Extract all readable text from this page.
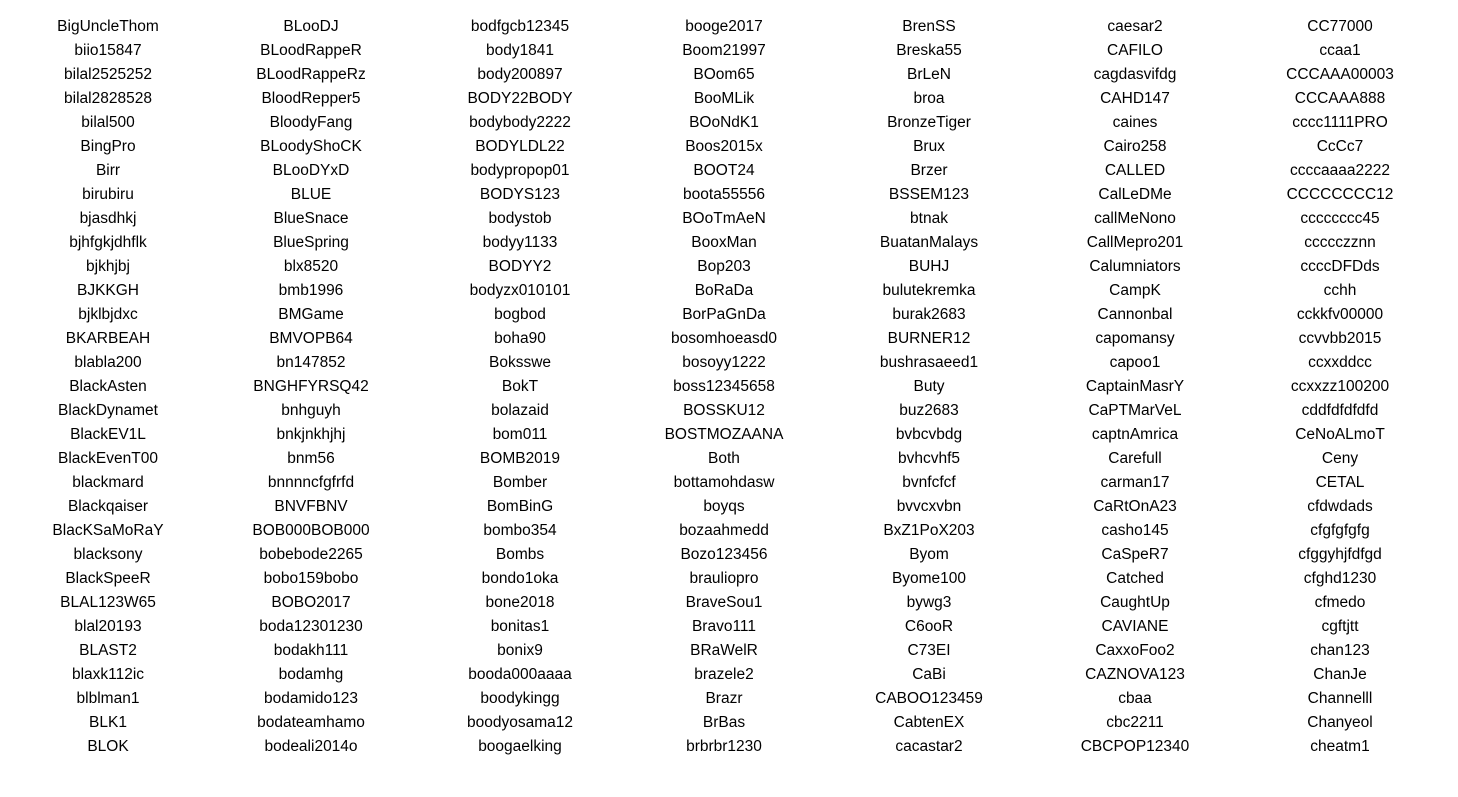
BigUncleThom
biio15847
bilal2525252
bilal2828528
bilal500
BingPro
Birr
birubiru
bjasdhkj
bjhfgkjdhflk
bjkhjbj
BJKKGH
bjklbjdxc
BKARBEAH
blabla200
BlackAsten
BlackDynamet
BlackEV1L
BlackEvenT00
blackmard
Blackqaiser
BlacKSaMoRaY
blacksony
BlackSpeeR
BLAL123W65
blal20193
BLAST2
blaxk112ic
blblman1
BLK1
BLOK
BLooDJ
BLoodRappeR
BLoodRappeRz
BloodRepper5
BloodyFang
BLoodyShoCK
BLooDYxD
BLUE
BlueSnace
BlueSpring
blx8520
bmb1996
BMGame
BMVOPB64
bn147852
BNGHFYRSQ42
bnhguyh
bnkjnkhjhj
bnm56
bnnnncfgfrfd
BNVFBNV
BOB000BOB000
bobebode2265
bobo159bobo
BOBO2017
boda12301230
bodakh111
bodamhg
bodamido123
bodateamhamo
bodeali2014o
bodfgcb12345
body1841
body200897
BODY22BODY
bodybody2222
BODYLDL22
bodypropop01
BODYS123
bodystob
bodyy1133
BODYY2
bodyzx010101
bogbod
boha90
Boksswe
BokT
bolazaid
bom011
BOMB2019
Bomber
BomBinG
bombo354
Bombs
bondo1oka
bone2018
bonitas1
bonix9
booda000aaaa
boodykingg
boodyosama12
boogaelking
booge2017
Boom21997
BOom65
BooMLik
BOoNdK1
Boos2015x
BOOT24
boota55556
BOoTmAeN
BooxMan
Bop203
BoRaDa
BorPaGnDa
bosomhoeasd0
bosoyy1222
boss12345658
BOSSKU12
BOSTMOZAANA
Both
bottamohdasw
boyqs
bozaahmedd
Bozo123456
brauliopro
BraveSou1
Bravo111
BRaWelR
brazele2
Brazr
BrBas
brbrbr1230
BrenSS
Breska55
BrLeN
broa
BronzeTiger
Brux
Brzer
BSSEM123
btnak
BuatanMalays
BUHJ
bulutekremka
burak2683
BURNER12
bushrasaeed1
Buty
buz2683
bvbcvbdg
bvhcvhf5
bvnfcfcf
bvvcxvbn
BxZ1PoX203
Byom
Byome100
bywg3
C6ooR
C73EI
CaBi
CABOO123459
CabtenEX
cacastar2
caesar2
CAFILO
cagdasvifdg
CAHD147
caines
Cairo258
CALLED
CalLeDMe
callMeNono
CallMepro201
Calumniators
CampK
Cannonbal
capomansy
capoo1
CaptainMasrY
CaPTMarVeL
captnAmrica
Carefull
carman17
CaRtOnA23
casho145
CaSpeR7
Catched
CaughtUp
CAVIANE
CaxxoFoo2
CAZNOVA123
cbaa
cbc2211
CBCPOP12340
CC77000
ccaa1
CCCAAA00003
CCCAAA888
cccc1111PRO
CcCc7
ccccaaaa2222
CCCCCCCC12
cccccccc45
ccccczznn
ccccDFDds
cchh
cckkfv00000
ccvvbb2015
ccxxddcc
ccxxzz100200
cddfdfdfdfd
CeNoALmoT
Ceny
CETAL
cfdwdads
cfgfgfgfg
cfggyhjfdfgd
cfghd1230
cfmedo
cgftjtt
chan123
ChanJe
Channelll
Chanyeol
cheatm1
